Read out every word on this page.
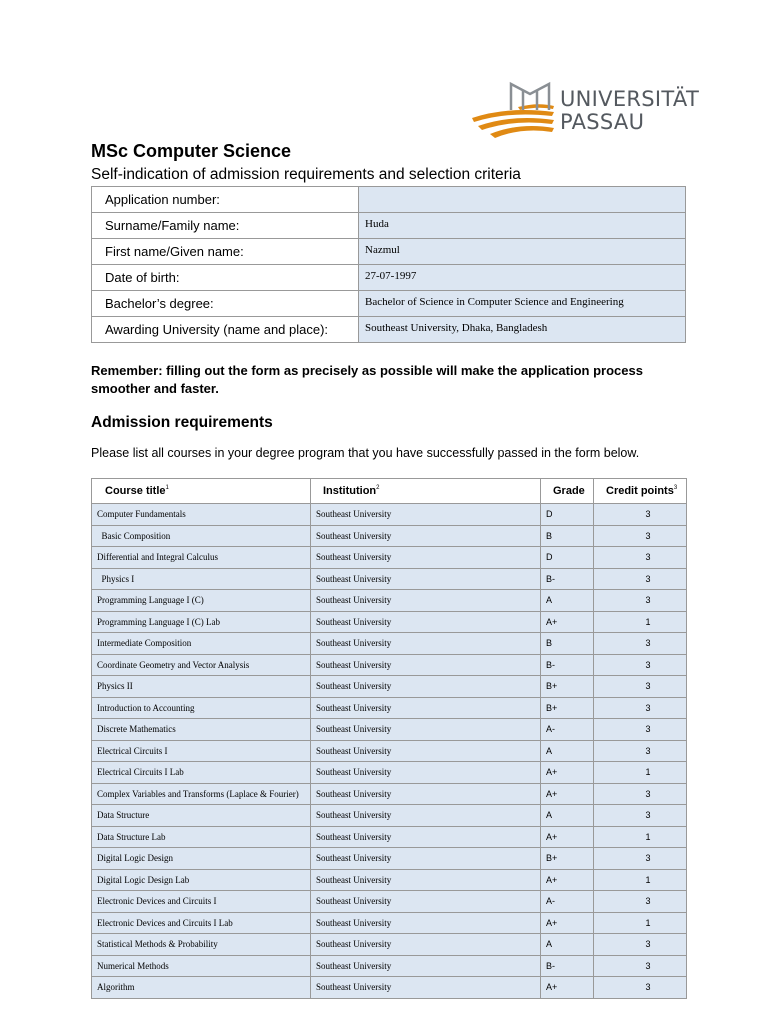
UNIVERSITÄT
PASSAU
MSc Computer Science
Self-indication of admission requirements and selection criteria
Application number:	
Surname/Family name:	Huda
First name/Given name:	Nazmul
Date of birth:	27-07-1997
Bachelor’s degree:	Bachelor of Science in Computer Science and Engineering
Awarding University (name and place):	Southeast University, Dhaka, Bangladesh
Remember: filling out the form as precisely as possible will make the application process smoother and faster.
Admission requirements
Please list all courses in your degree program that you have successfully passed in the form below.
Course title$^1$	Institution$^2$	Grade	Credit points$^3$
Computer Fundamentals	Southeast University	D	3
Basic Composition	Southeast University	B	3
Differential and Integral Calculus	Southeast University	D	3
Physics I	Southeast University	B-	3
Programming Language I (C)	Southeast University	A	3
Programming Language I (C) Lab	Southeast University	A+	1
Intermediate Composition	Southeast University	B	3
Coordinate Geometry and Vector Analysis	Southeast University	B-	3
Physics II	Southeast University	B+	3
Introduction to Accounting	Southeast University	B+	3
Discrete Mathematics	Southeast University	A-	3
Electrical Circuits I	Southeast University	A	3
Electrical Circuits I Lab	Southeast University	A+	1
Complex Variables and Transforms (Laplace & Fourier)	Southeast University	A+	3
Data Structure	Southeast University	A	3
Data Structure Lab	Southeast University	A+	1
Digital Logic Design	Southeast University	B+	3
Digital Logic Design Lab	Southeast University	A+	1
Electronic Devices and Circuits I	Southeast University	A-	3
Electronic Devices and Circuits I Lab	Southeast University	A+	1
Statistical Methods & Probability	Southeast University	A	3
Numerical Methods	Southeast University	B-	3
Algorithm	Southeast University	A+	3
